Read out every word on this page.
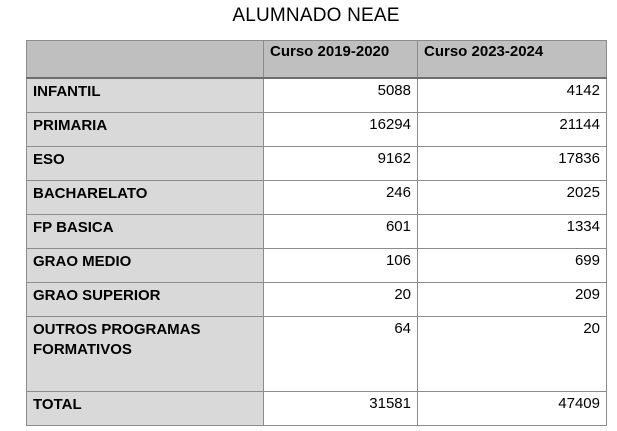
ALUMNADO NEAE
	Curso 2019-2020	Curso 2023-2024
INFANTIL	5088	4142
PRIMARIA	16294	21144
ESO	9162	17836
BACHARELATO	246	2025
FP BASICA	601	1334
GRAO MEDIO	106	699
GRAO SUPERIOR	20	209
OUTROS PROGRAMAS FORMATIVOS	64	20
TOTAL	31581	47409
